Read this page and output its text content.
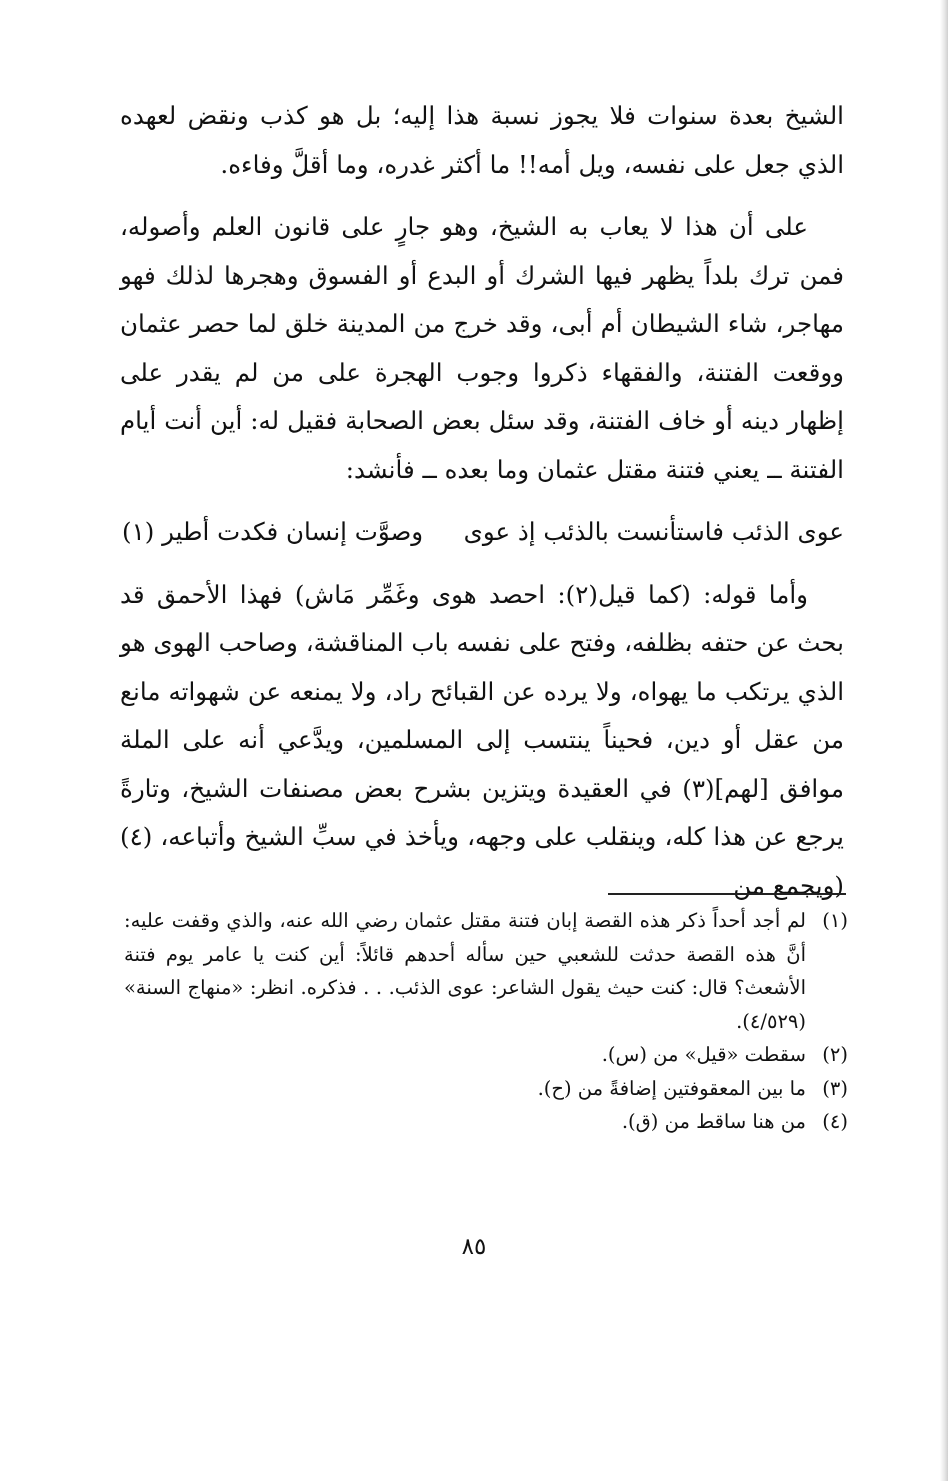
الشيخ بعدة سنوات فلا يجوز نسبة هذا إليه؛ بل هو كذب ونقض لعهده الذي جعل على نفسه، ويل أمه!! ما أكثر غدره، وما أقلَّ وفاءه.

على أن هذا لا يعاب به الشيخ، وهو جارٍ على قانون العلم وأصوله، فمن ترك بلداً يظهر فيها الشرك أو البدع أو الفسوق وهجرها لذلك فهو مهاجر، شاء الشيطان أم أبى، وقد خرج من المدينة خلق لما حصر عثمان ووقعت الفتنة، والفقهاء ذكروا وجوب الهجرة على من لم يقدر على إظهار دينه أو خاف الفتنة، وقد سئل بعض الصحابة فقيل له: أين أنت أيام الفتنة ــ يعني فتنة مقتل عثمان وما بعده ــ فأنشد:

عوى الذئب فاستأنست بالذئب إذ عوى
وصوَّت إنسان فكدت أطير (١)

وأما قوله: (كما قيل(٢): احصد هوى وغَمِّر مَاش) فهذا الأحمق قد بحث عن حتفه بظلفه، وفتح على نفسه باب المناقشة، وصاحب الهوى هو الذي يرتكب ما يهواه، ولا يرده عن القبائح راد، ولا يمنعه عن شهواته مانع من عقل أو دين، فحيناً ينتسب إلى المسلمين، ويدَّعي أنه على الملة موافق [لهم](٣) في العقيدة ويتزين بشرح بعض مصنفات الشيخ، وتارةً يرجع عن هذا كله، وينقلب على وجهه، ويأخذ في سبِّ الشيخ وأتباعه، (٤)(ويجمع من

(١)
لم أجد أحداً ذكر هذه القصة إبان فتنة مقتل عثمان رضي الله عنه، والذي وقفت عليه: أنَّ هذه القصة حدثت للشعبي حين سأله أحدهم قائلاً: أين كنت يا عامر يوم فتنة الأشعث؟ قال: كنت حيث يقول الشاعر: عوى الذئب. . . فذكره. انظر: «منهاج السنة» (٤/٥٢٩).
(٢)
سقطت «قيل» من (س).
(٣)
ما بين المعقوفتين إضافةً من (ح).
(٤)
من هنا ساقط من (ق).
٨٥
